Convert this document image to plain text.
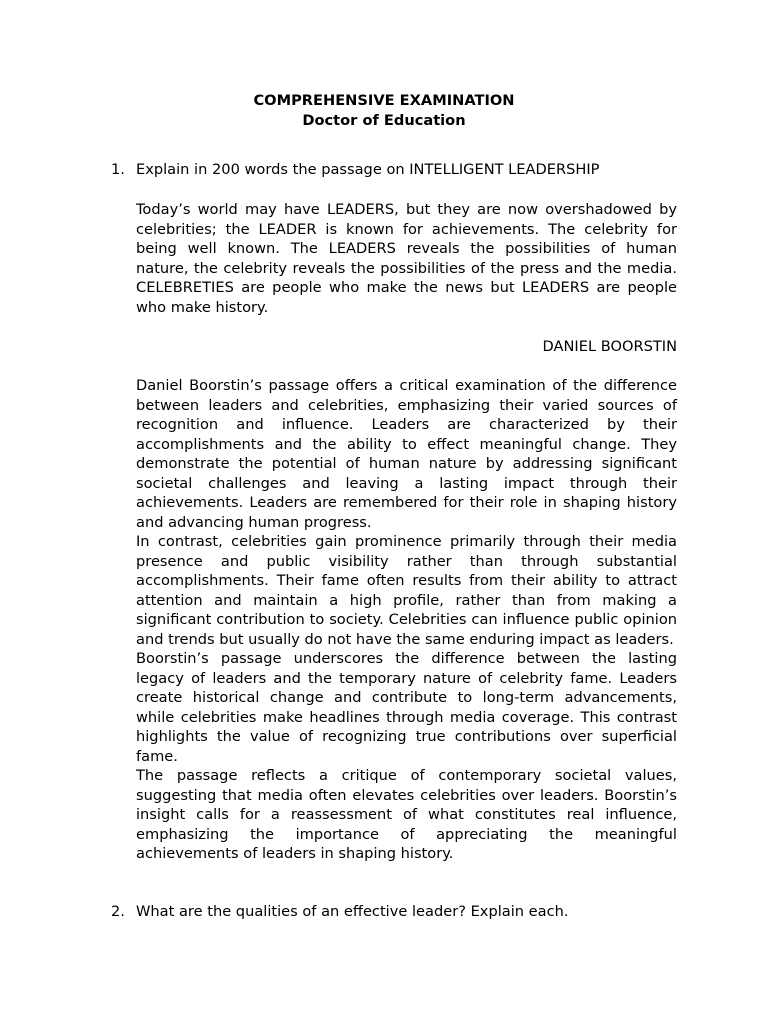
COMPREHENSIVE EXAMINATION
Doctor of Education
1. Explain in 200 words the passage on INTELLIGENT LEADERSHIP
Today’s world may have LEADERS, but they are now overshadowed by celebrities; the LEADER is known for achievements. The celebrity for being well known. The LEADERS reveals the possibilities of human nature, the celebrity reveals the possibilities of the press and the media. CELEBRETIES are people who make the news but LEADERS are people who make history.
DANIEL BOORSTIN

Daniel Boorstin’s passage offers a critical examination of the difference between leaders and celebrities, emphasizing their varied sources of recognition and influence. Leaders are characterized by their accomplishments and the ability to effect meaningful change. They demonstrate the potential of human nature by addressing significant societal challenges and leaving a lasting impact through their achievements. Leaders are remembered for their role in shaping history and advancing human progress.

In contrast, celebrities gain prominence primarily through their media presence and public visibility rather than through substantial accomplishments. Their fame often results from their ability to attract attention and maintain a high profile, rather than from making a significant contribution to society. Celebrities can influence public opinion and trends but usually do not have the same enduring impact as leaders.

Boorstin’s passage underscores the difference between the lasting legacy of leaders and the temporary nature of celebrity fame. Leaders create historical change and contribute to long-term advancements, while celebrities make headlines through media coverage. This contrast highlights the value of recognizing true contributions over superficial fame.

The passage reflects a critique of contemporary societal values, suggesting that media often elevates celebrities over leaders. Boorstin’s insight calls for a reassessment of what constitutes real influence, emphasizing the importance of appreciating the meaningful achievements of leaders in shaping history.

2. What are the qualities of an effective leader? Explain each.
